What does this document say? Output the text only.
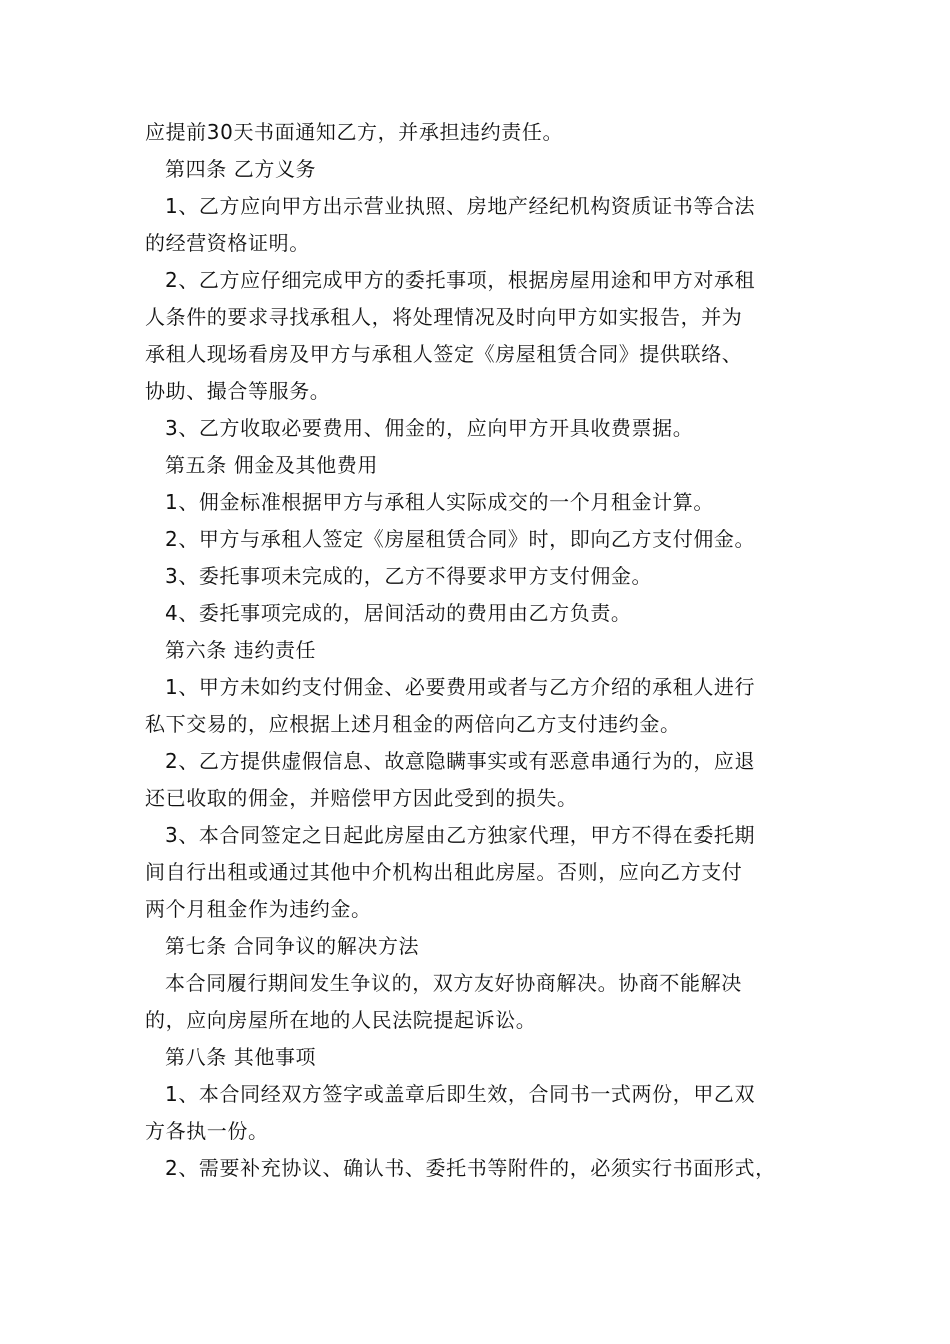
应提前30天书面通知乙方，并承担违约责任。
第四条 乙方义务
1、乙方应向甲方出示营业执照、房地产经纪机构资质证书等合法
的经营资格证明。
2、乙方应仔细完成甲方的委托事项，根据房屋用途和甲方对承租
人条件的要求寻找承租人，将处理情况及时向甲方如实报告，并为
承租人现场看房及甲方与承租人签定《房屋租赁合同》提供联络、
协助、撮合等服务。
3、乙方收取必要费用、佣金的，应向甲方开具收费票据。
第五条 佣金及其他费用
1、佣金标准根据甲方与承租人实际成交的一个月租金计算。
2、甲方与承租人签定《房屋租赁合同》时，即向乙方支付佣金。
3、委托事项未完成的，乙方不得要求甲方支付佣金。
4、委托事项完成的，居间活动的费用由乙方负责。
第六条 违约责任
1、甲方未如约支付佣金、必要费用或者与乙方介绍的承租人进行
私下交易的，应根据上述月租金的两倍向乙方支付违约金。
2、乙方提供虚假信息、故意隐瞒事实或有恶意串通行为的，应退
还已收取的佣金，并赔偿甲方因此受到的损失。
3、本合同签定之日起此房屋由乙方独家代理，甲方不得在委托期
间自行出租或通过其他中介机构出租此房屋。否则，应向乙方支付
两个月租金作为违约金。
第七条 合同争议的解决方法
本合同履行期间发生争议的，双方友好协商解决。协商不能解决
的，应向房屋所在地的人民法院提起诉讼。
第八条 其他事项
1、本合同经双方签字或盖章后即生效，合同书一式两份，甲乙双
方各执一份。
2、需要补充协议、确认书、委托书等附件的，必须实行书面形式，
